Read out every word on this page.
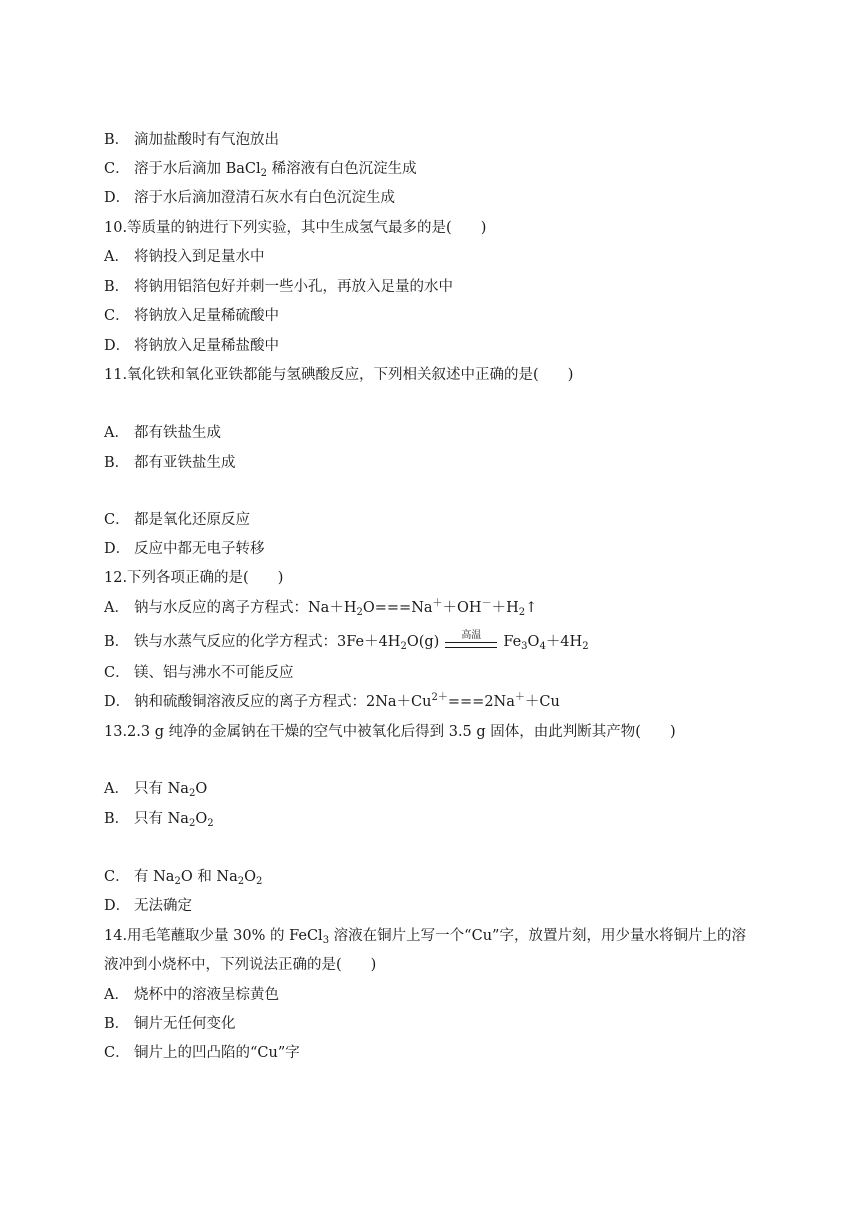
B． 滴加盐酸时有气泡放出

C． 溶于水后滴加 BaCl$_2$ 稀溶液有白色沉淀生成

D． 溶于水后滴加澄清石灰水有白色沉淀生成

10.等质量的钠进行下列实验，其中生成氢气最多的是(　　)

A． 将钠投入到足量水中

B． 将钠用铝箔包好并刺一些小孔，再放入足量的水中

C． 将钠放入足量稀硫酸中

D． 将钠放入足量稀盐酸中

11.氧化铁和氧化亚铁都能与氢碘酸反应，下列相关叙述中正确的是(　　)

A． 都有铁盐生成

B． 都有亚铁盐生成

C． 都是氧化还原反应

D． 反应中都无电子转移

12.下列各项正确的是(　　)

A． 钠与水反应的离子方程式：$Na+H_2O===Na^++OH^-+H_2↑$

B． 铁与水蒸气反应的化学方程式：$3Fe+4H_2O(g)$	高温	$Fe_3O_4+4H_2$

C． 镁、铝与沸水不可能反应

D． 钠和硫酸铜溶液反应的离子方程式：$2Na+Cu^{2+}===2Na^++Cu$

13.2.3 g 纯净的金属钠在干燥的空气中被氧化后得到 3.5 g 固体，由此判断其产物(　　)

A． 只有 $Na_2O$

B． 只有 $Na_2O_2$

C． 有 $Na_2O$ 和 $Na_2O_2$

D． 无法确定

14.用毛笔蘸取少量 30% 的 FeCl$_3$ 溶液在铜片上写一个“Cu”字，放置片刻，用少量水将铜片上的溶

液冲到小烧杯中，下列说法正确的是(　　)

A． 烧杯中的溶液呈棕黄色

B． 铜片无任何变化

C． 铜片上的凹凸陷的“Cu”字
